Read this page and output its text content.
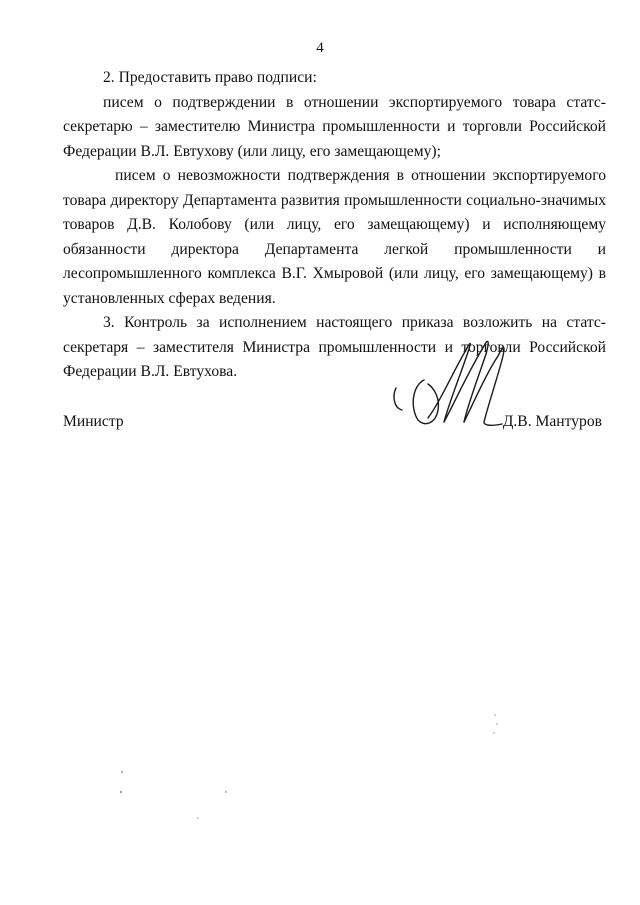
4

2. Предоставить право подписи:

писем о подтверждении в отношении экспортируемого товара статс-секретарю – заместителю Министра промышленности и торговли Российской Федерации В.Л. Евтухову (или лицу, его замещающему);

писем о невозможности подтверждения в отношении экспортируемого товара директору Департамента развития промышленности социально-значимых товаров Д.В. Колобову (или лицу, его замещающему) и исполняющему обязанности директора Департамента легкой промышленности и лесопромышленного комплекса В.Г. Хмыровой (или лицу, его замещающему) в установленных сферах ведения.

3. Контроль за исполнением настоящего приказа возложить на статс-секретаря – заместителя Министра промышленности и торговли Российской Федерации В.Л. Евтухова.

Министр	Д.В. Мантуров
